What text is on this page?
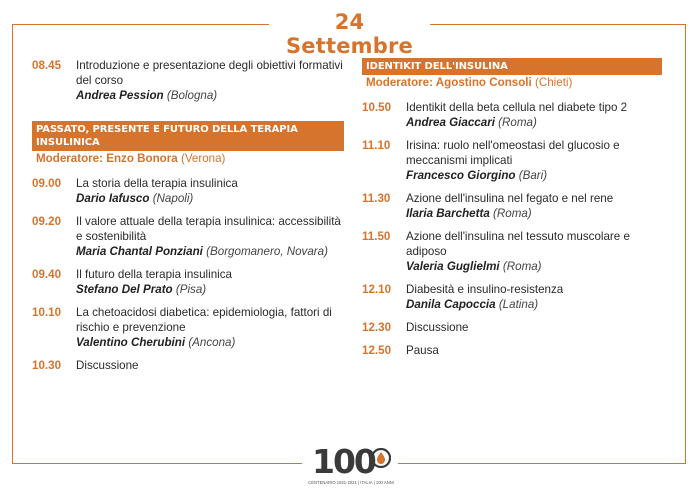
24 Settembre
08.45	Introduzione e presentazione degli obiettivi formativi del corso
Andrea Pession (Bologna)
PASSATO, PRESENTE E FUTURO DELLA TERAPIA INSULINICA
Moderatore: Enzo Bonora (Verona)
09.00	La storia della terapia insulinica
Dario Iafusco (Napoli)
09.20	Il valore attuale della terapia insulinica: accessibilità e sostenibilità
Maria Chantal Ponziani (Borgomanero, Novara)
09.40	Il futuro della terapia insulinica
Stefano Del Prato (Pisa)
10.10	La chetoacidosi diabetica: epidemiologia, fattori di rischio e prevenzione
Valentino Cherubini (Ancona)
10.30	Discussione
IDENTIKIT DELL'INSULINA
Moderatore: Agostino Consoli (Chieti)
10.50	Identikit della beta cellula nel diabete tipo 2
Andrea Giaccari (Roma)
11.10	Irisina: ruolo nell'omeostasi del glucosio e meccanismi implicati
Francesco Giorgino (Bari)
11.30	Azione dell'insulina nel fegato e nel rene
Ilaria Barchetta (Roma)
11.50	Azione dell'insulina nel tessuto muscolare e adiposo
Valeria Guglielmi (Roma)
12.10	Diabesità e insulino-resistenza
Danila Capoccia (Latina)
12.30	Discussione
12.50	Pausa
100
CENTENARIO 1921-2021 | ITALIA | 100 ANNI
